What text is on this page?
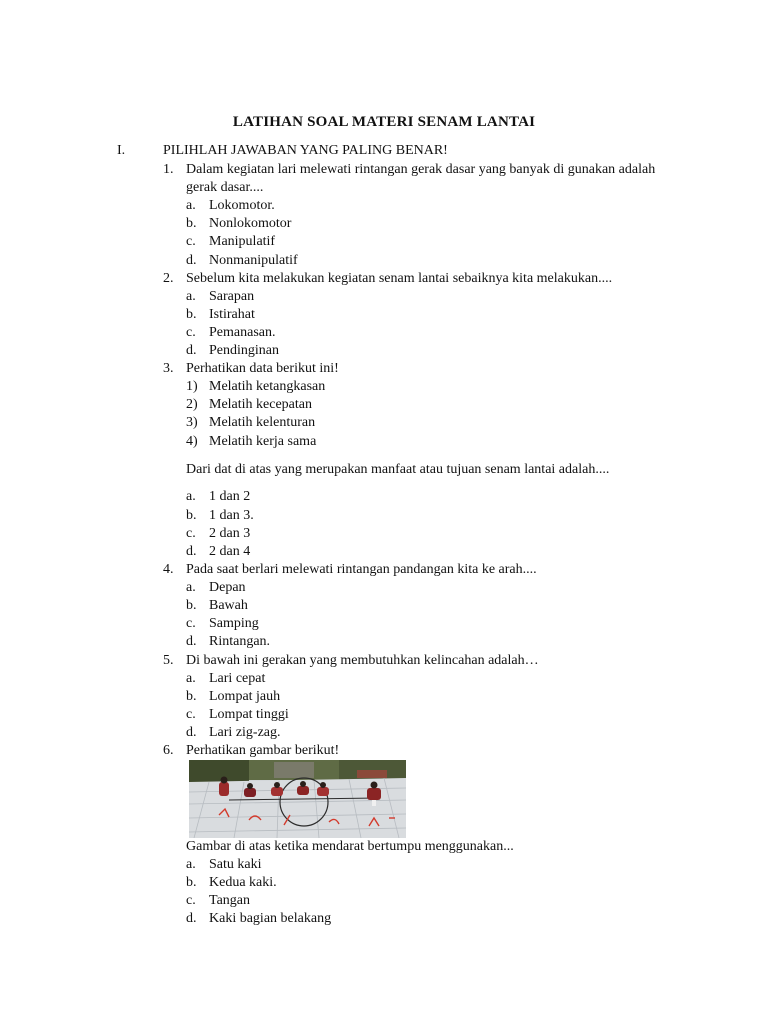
LATIHAN SOAL MATERI SENAM LANTAI
I.	PILIHLAH JAWABAN YANG PALING BENAR!
1. Dalam kegiatan lari melewati rintangan gerak dasar yang banyak di gunakan adalah gerak dasar....
a. Lokomotor.
b. Nonlokomotor
c. Manipulatif
d. Nonmanipulatif
2. Sebelum kita melakukan kegiatan senam lantai sebaiknya kita melakukan....
a. Sarapan
b. Istirahat
c. Pemanasan.
d. Pendinginan
3. Perhatikan data berikut ini!
1) Melatih ketangkasan
2) Melatih kecepatan
3) Melatih kelenturan
4) Melatih kerja sama
Dari dat di atas yang merupakan manfaat atau tujuan senam lantai adalah....
a. 1 dan 2
b. 1 dan 3.
c. 2 dan 3
d. 2 dan 4
4. Pada saat berlari melewati rintangan pandangan kita ke arah....
a. Depan
b. Bawah
c. Samping
d. Rintangan.
5. Di bawah ini gerakan yang membutuhkan kelincahan adalah…
a. Lari cepat
b. Lompat jauh
c. Lompat tinggi
d. Lari zig-zag.
6. Perhatikan gambar berikut!
Gambar di atas ketika mendarat bertumpu menggunakan...
a. Satu kaki
b. Kedua kaki.
c. Tangan
d. Kaki bagian belakang
